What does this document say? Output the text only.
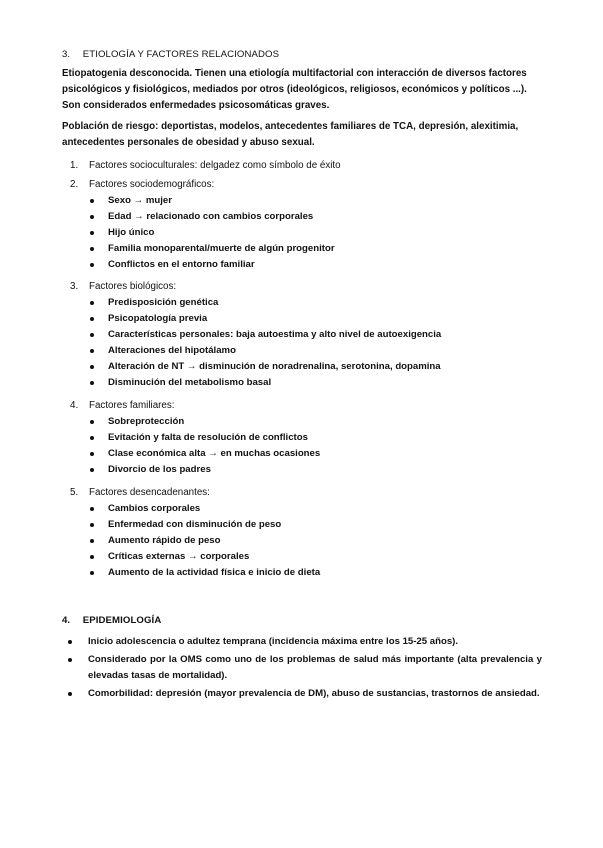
3. ETIOLOGÍA Y FACTORES RELACIONADOS
Etiopatogenia desconocida. Tienen una etiología multifactorial con interacción de diversos factores psicológicos y fisiológicos, mediados por otros (ideológicos, religiosos, económicos y políticos ...).
Son considerados enfermedades psicosomáticas graves.
Población de riesgo: deportistas, modelos, antecedentes familiares de TCA, depresión, alexitimia, antecedentes personales de obesidad y abuso sexual.
1. Factores socioculturales: delgadez como símbolo de éxito
2. Factores sociodemográficos:
Sexo → mujer
Edad → relacionado con cambios corporales
Hijo único
Familia monoparental/muerte de algún progenitor
Conflictos en el entorno familiar
3. Factores biológicos:
Predisposición genética
Psicopatología previa
Características personales: baja autoestima y alto nivel de autoexigencia
Alteraciones del hipotálamo
Alteración de NT → disminución de noradrenalina, serotonina, dopamina
Disminución del metabolismo basal
4. Factores familiares:
Sobreprotección
Evitación y falta de resolución de conflictos
Clase económica alta → en muchas ocasiones
Divorcio de los padres
5. Factores desencadenantes:
Cambios corporales
Enfermedad con disminución de peso
Aumento rápido de peso
Críticas externas → corporales
Aumento de la actividad física e inicio de dieta
4. EPIDEMIOLOGÍA
Inicio adolescencia o adultez temprana (incidencia máxima entre los 15-25 años).
Considerado por la OMS como uno de los problemas de salud más importante (alta prevalencia y elevadas tasas de mortalidad).
Comorbilidad: depresión (mayor prevalencia de DM), abuso de sustancias, trastornos de ansiedad.
